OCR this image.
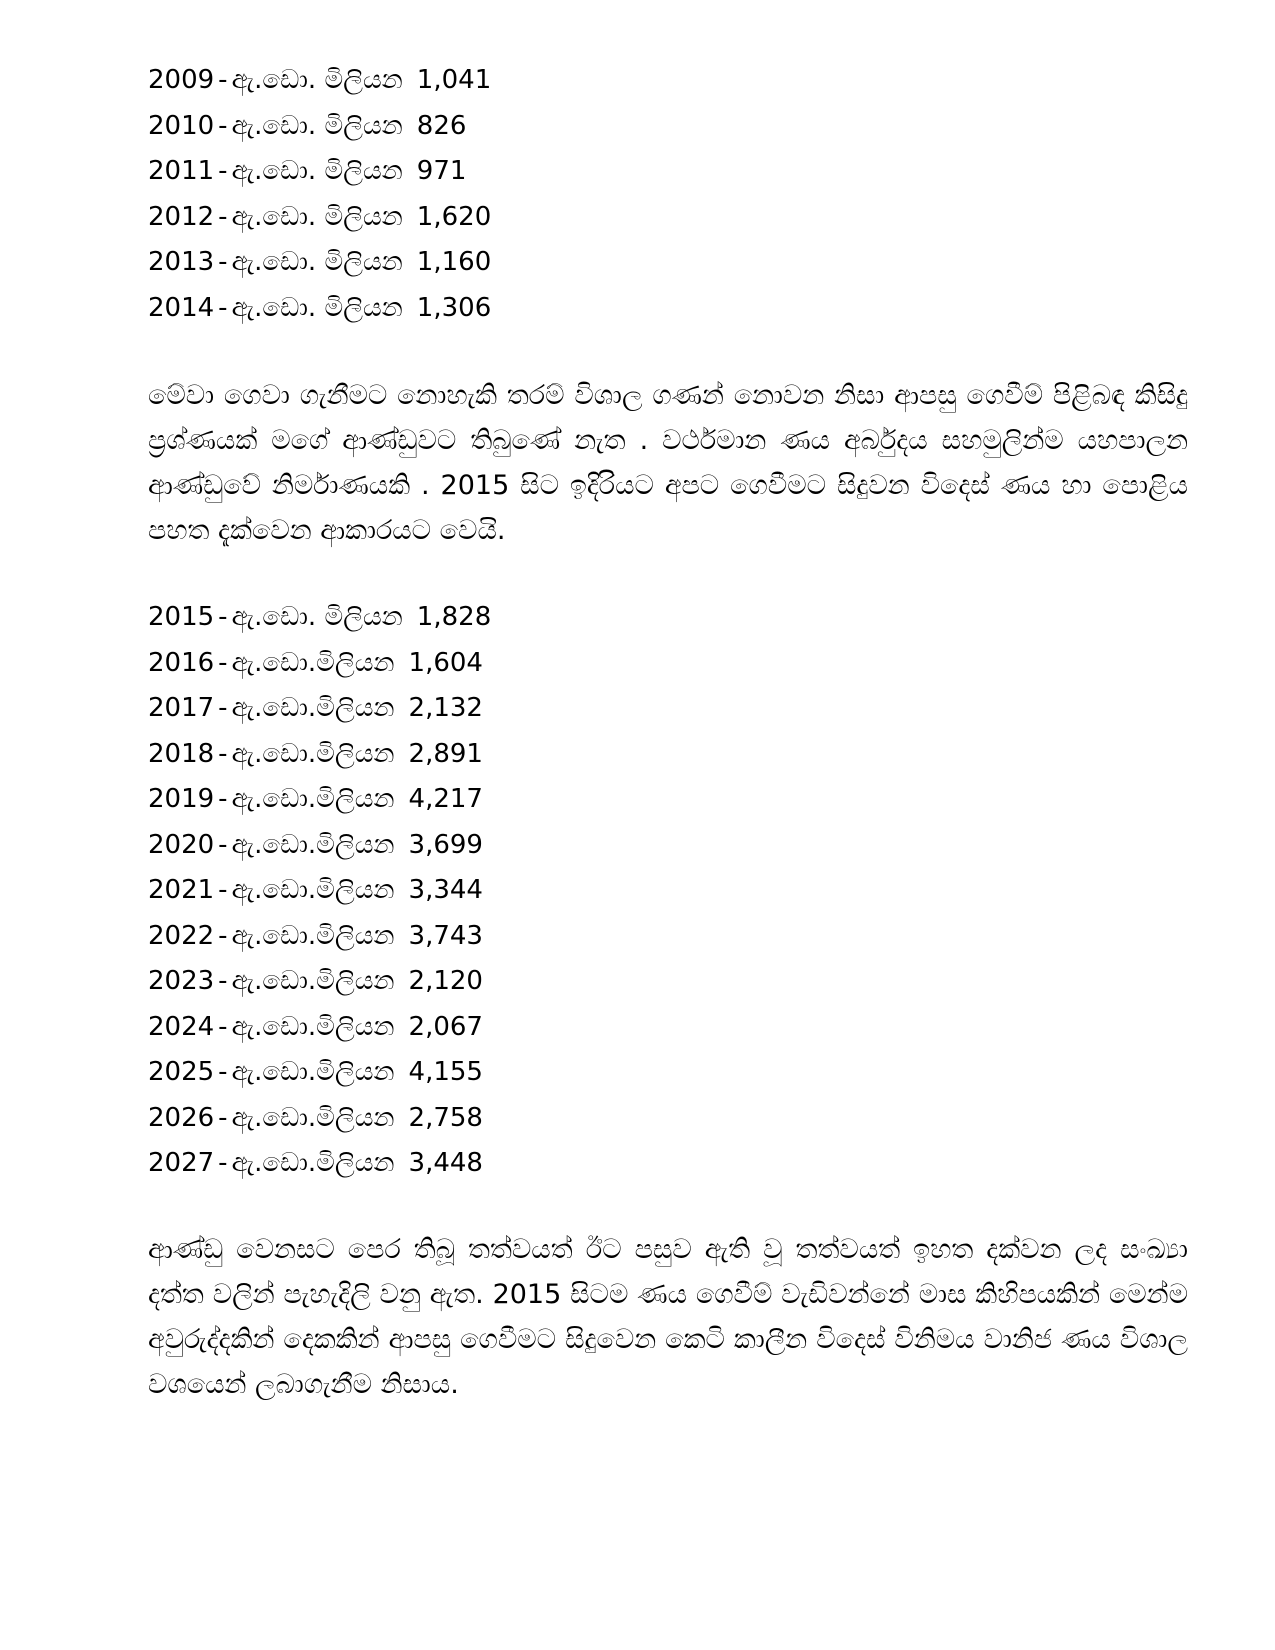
2009 - ඇ.ඩො. මිලියන 1,041
2010 - ඇ.ඩො. මිලියන 826
2011 - ඇ.ඩො. මිලියන 971
2012 - ඇ.ඩො. මිලියන 1,620
2013 - ඇ.ඩො. මිලියන 1,160
2014 - ඇ.ඩො. මිලියන 1,306

මේවා ගෙවා ගැනීමට නොහැකි තරම් විශාල ගණන් නොවන නිසා ආපසු ගෙවීම් පිළිබඳ කිසිදු ප්‍රශ්ණයක් මගේ ආණ්ඩුවට තිබුණේ නැත . වර්ථමාන ණය අර්බුදය සහමුලින්ම යහපාලන ආණ්ඩුවේ නිර්මාණයකි . 2015 සිට ඉදිරියට අපට ගෙවීමට සිදුවන විදෙස් ණය හා පොළිය පහත දැක්වෙන ආකාරයට වෙයි.

2015 - ඇ.ඩො. මිලියන 1,828
2016 - ඇ.ඩො.මිලියන 1,604
2017 - ඇ.ඩො.මිලියන 2,132
2018 - ඇ.ඩො.මිලියන 2,891
2019 - ඇ.ඩො.මිලියන 4,217
2020 - ඇ.ඩො.මිලියන 3,699
2021 - ඇ.ඩො.මිලියන 3,344
2022 - ඇ.ඩො.මිලියන 3,743
2023 - ඇ.ඩො.මිලියන 2,120
2024 - ඇ.ඩො.මිලියන 2,067
2025 - ඇ.ඩො.මිලියන 4,155
2026 - ඇ.ඩො.මිලියන 2,758
2027 - ඇ.ඩො.මිලියන 3,448

ආණ්ඩු වෙනසට පෙර තිබූ තත්වයත් ඊට පසුව ඇති වූ තත්වයත් ඉහත දක්වන ලද සංඛ්‍යා දත්ත වලින් පැහැදිලි වනු ඇත. 2015 සිටම ණය ගෙවීම් වැඩිවන්නේ මාස කිහිපයකින් මෙන්ම අවුරුද්දකින් දෙකකින් ආපසු ගෙවීමට සිදුවෙන කෙටි කාලීන විදෙස් විනිමය වානිජ ණය විශාල වශයෙන් ලබාගැනීම නිසාය.
